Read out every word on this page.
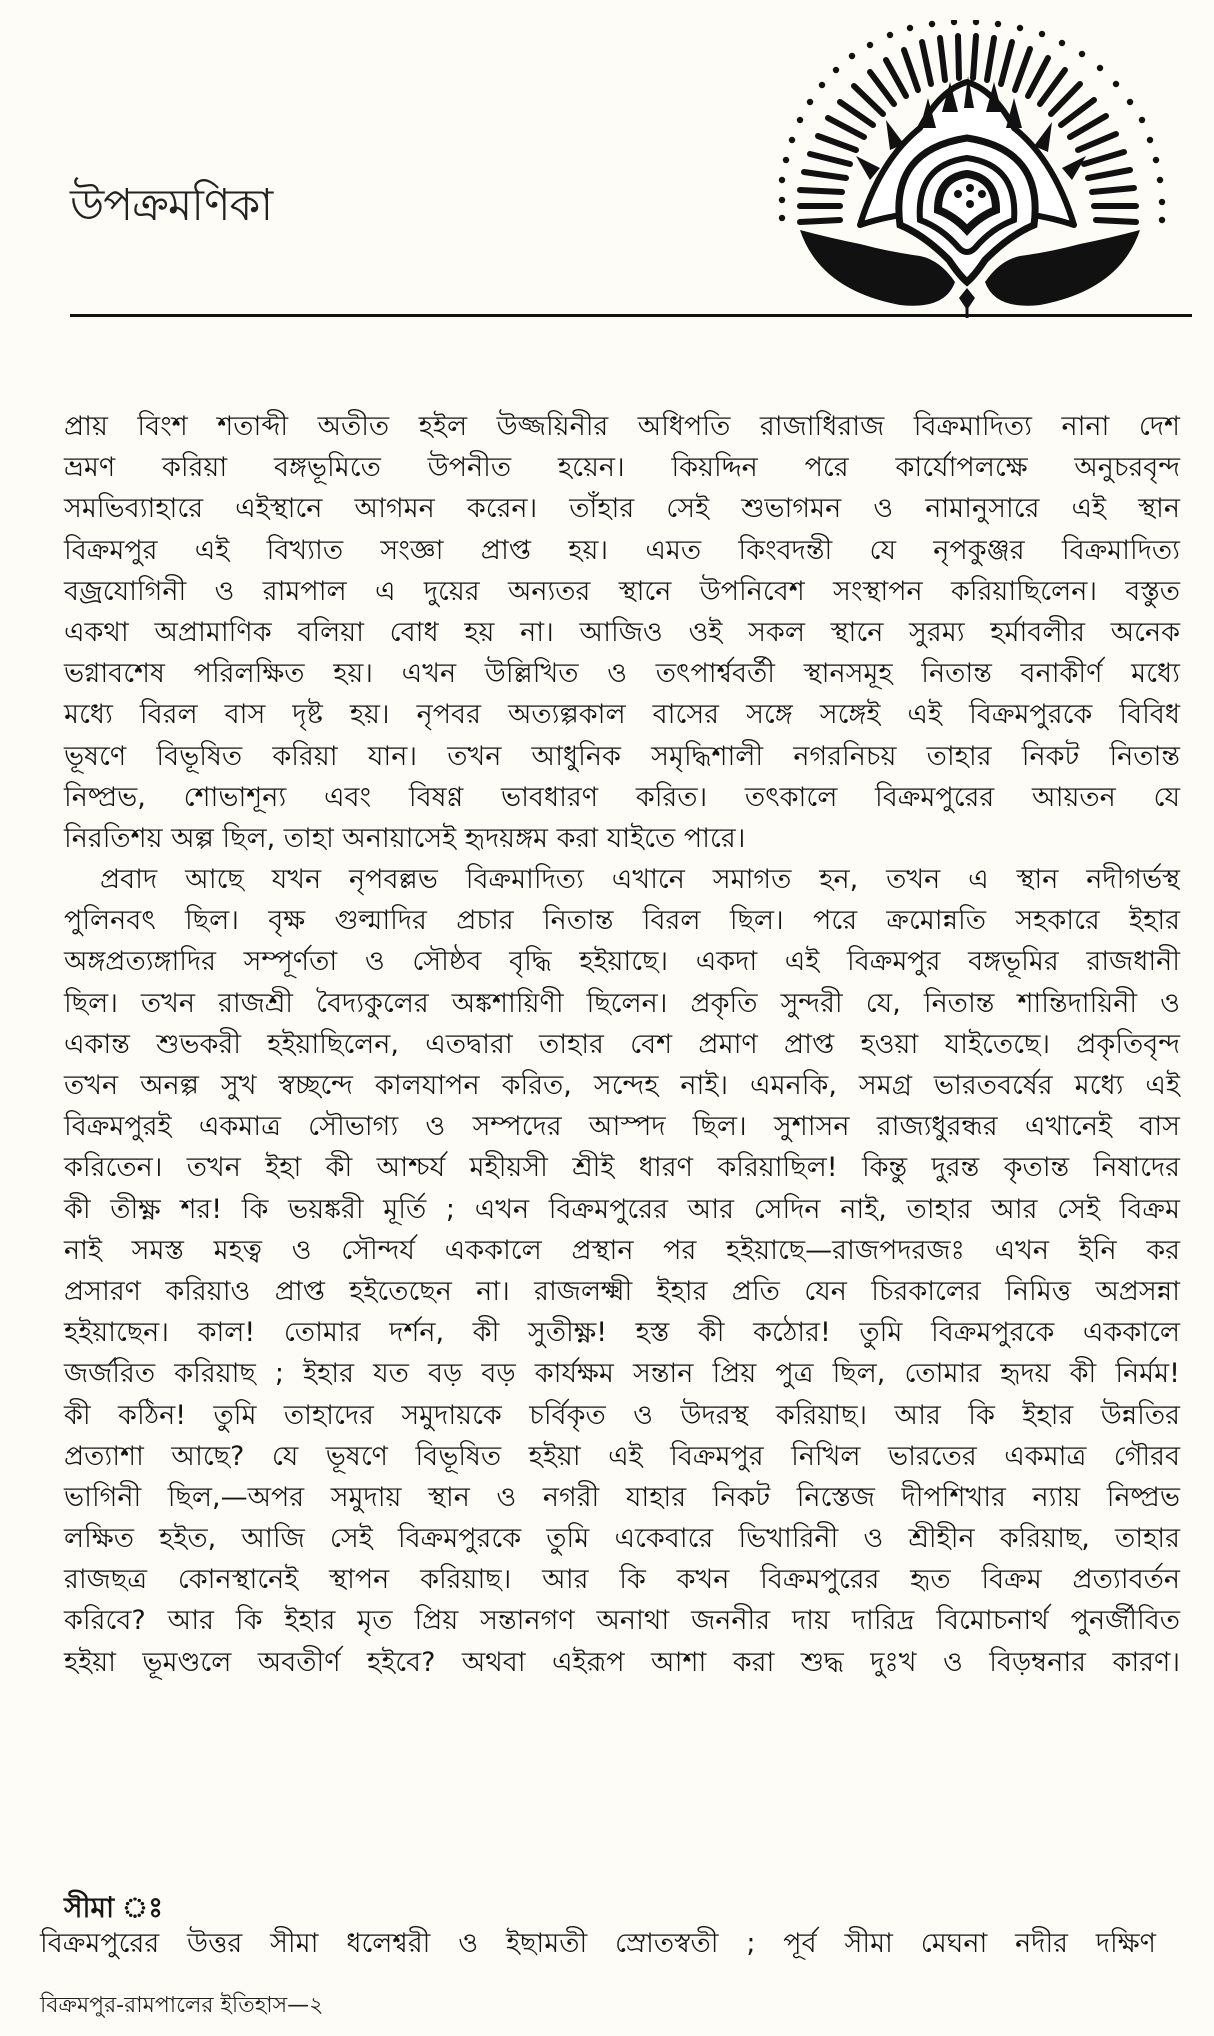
উপক্রমণিকা
প্রায় বিংশ শতাব্দী অতীত হইল উজ্জয়িনীর অধিপতি রাজাধিরাজ বিক্রমাদিত্য নানা দেশ
ভ্রমণ করিয়া বঙ্গভূমিতে উপনীত হয়েন। কিয়দ্দিন পরে কার্যোপলক্ষে অনুচরবৃন্দ
সমভিব্যাহারে এইস্থানে আগমন করেন। তাঁহার সেই শুভাগমন ও নামানুসারে এই স্থান
বিক্রমপুর এই বিখ্যাত সংজ্ঞা প্রাপ্ত হয়। এমত কিংবদন্তী যে নৃপকুঞ্জর বিক্রমাদিত্য
বজ্রযোগিনী ও রামপাল এ দুয়ের অন্যতর স্থানে উপনিবেশ সংস্থাপন করিয়াছিলেন। বস্তুত
একথা অপ্রামাণিক বলিয়া বোধ হয় না। আজিও ওই সকল স্থানে সুরম্য হর্মাবলীর অনেক
ভগ্নাবশেষ পরিলক্ষিত হয়। এখন উল্লিখিত ও তৎপার্শ্ববর্তী স্থানসমূহ নিতান্ত বনাকীর্ণ মধ্যে
মধ্যে বিরল বাস দৃষ্ট হয়। নৃপবর অত্যল্পকাল বাসের সঙ্গে সঙ্গেই এই বিক্রমপুরকে বিবিধ
ভূষণে বিভূষিত করিয়া যান। তখন আধুনিক সমৃদ্ধিশালী নগরনিচয় তাহার নিকট নিতান্ত
নিষ্প্রভ, শোভাশূন্য এবং বিষণ্ণ ভাবধারণ করিত। তৎকালে বিক্রমপুরের আয়তন যে
নিরতিশয় অল্প ছিল, তাহা অনায়াসেই হৃদয়ঙ্গম করা যাইতে পারে।
প্রবাদ আছে যখন নৃপবল্লভ বিক্রমাদিত্য এখানে সমাগত হন, তখন এ স্থান নদীগর্ভস্থ
পুলিনবৎ ছিল। বৃক্ষ গুল্মাদির প্রচার নিতান্ত বিরল ছিল। পরে ক্রমোন্নতি সহকারে ইহার
অঙ্গপ্রত্যঙ্গাদির সম্পূর্ণতা ও সৌষ্ঠব বৃদ্ধি হইয়াছে। একদা এই বিক্রমপুর বঙ্গভূমির রাজধানী
ছিল। তখন রাজশ্রী বৈদ্যকুলের অঙ্কশায়িণী ছিলেন। প্রকৃতি সুন্দরী যে, নিতান্ত শান্তিদায়িনী ও
একান্ত শুভকরী হইয়াছিলেন, এতদ্বারা তাহার বেশ প্রমাণ প্রাপ্ত হওয়া যাইতেছে। প্রকৃতিবৃন্দ
তখন অনল্প সুখ স্বচ্ছন্দে কালযাপন করিত, সন্দেহ নাই। এমনকি, সমগ্র ভারতবর্ষের মধ্যে এই
বিক্রমপুরই একমাত্র সৌভাগ্য ও সম্পদের আস্পদ ছিল। সুশাসন রাজ্যধুরন্ধর এখানেই বাস
করিতেন। তখন ইহা কী আশ্চর্য মহীয়সী শ্রীই ধারণ করিয়াছিল! কিন্তু দুরন্ত কৃতান্ত নিষাদের
কী তীক্ষ্ণ শর! কি ভয়ঙ্করী মূর্তি ; এখন বিক্রমপুরের আর সেদিন নাই, তাহার আর সেই বিক্রম
নাই সমস্ত মহত্ব ও সৌন্দর্য এককালে প্রস্থান পর হইয়াছে—রাজপদরজঃ এখন ইনি কর
প্রসারণ করিয়াও প্রাপ্ত হইতেছেন না। রাজলক্ষ্মী ইহার প্রতি যেন চিরকালের নিমিত্ত অপ্রসন্না
হইয়াছেন। কাল! তোমার দর্শন, কী সুতীক্ষ্ণ! হস্ত কী কঠোর! তুমি বিক্রমপুরকে এককালে
জর্জরিত করিয়াছ ; ইহার যত বড় বড় কার্যক্ষম সন্তান প্রিয় পুত্র ছিল, তোমার হৃদয় কী নির্মম!
কী কঠিন! তুমি তাহাদের সমুদায়কে চর্বিকৃত ও উদরস্থ করিয়াছ। আর কি ইহার উন্নতির
প্রত্যাশা আছে? যে ভূষণে বিভূষিত হইয়া এই বিক্রমপুর নিখিল ভারতের একমাত্র গৌরব
ভাগিনী ছিল,—অপর সমুদায় স্থান ও নগরী যাহার নিকট নিস্তেজ দীপশিখার ন্যায় নিষ্প্রভ
লক্ষিত হইত, আজি সেই বিক্রমপুরকে তুমি একেবারে ভিখারিনী ও শ্রীহীন করিয়াছ, তাহার
রাজছত্র কোনস্থানেই স্থাপন করিয়াছ। আর কি কখন বিক্রমপুরের হৃত বিক্রম প্রত্যাবর্তন
করিবে? আর কি ইহার মৃত প্রিয় সন্তানগণ অনাথা জননীর দায় দারিদ্র বিমোচনার্থ পুনর্জীবিত
হইয়া ভূমণ্ডলে অবতীর্ণ হইবে? অথবা এইরূপ আশা করা শুদ্ধ দুঃখ ও বিড়ম্বনার কারণ।
সীমা ঃ
বিক্রমপুরের উত্তর সীমা ধলেশ্বরী ও ইছামতী স্রোতস্বতী ; পূর্ব সীমা মেঘনা নদীর দক্ষিণ
বিক্রমপুর-রামপালের ইতিহাস—২
